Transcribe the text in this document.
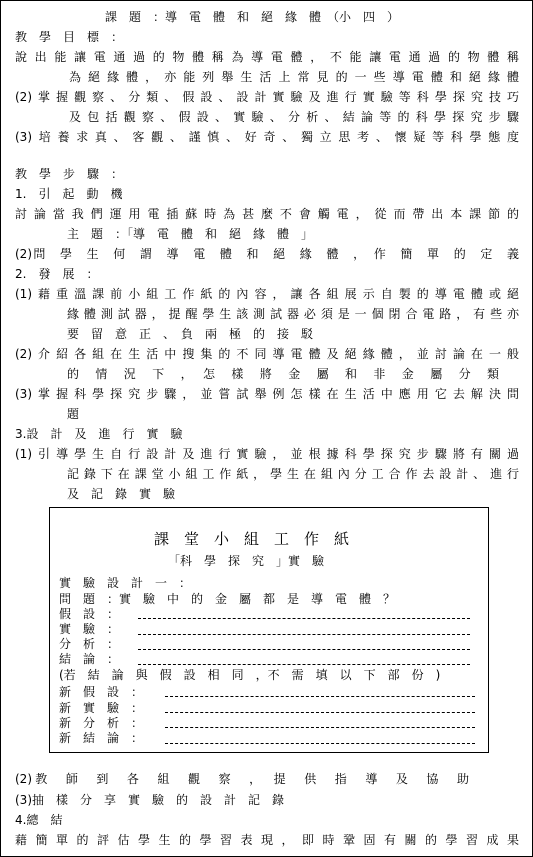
課　題　：導　電　體　和　絕　緣　體　（小　四　）
教　學　目　標　：
說出能讓電通過的物體稱為導電體，不能讓電通過的物體稱
為絕緣體，亦能列舉生活上常見的一些導電體和絕緣體
(2)掌握觀察、分類、假設、設計實驗及進行實驗等科學探究技巧
及包括觀察、假設、實驗、分析、結論等的科學探究步驟
(3)培養求真、客觀、謹慎、好奇、獨立思考、懷疑等科學態度
教　學　步　驟　：
1.　引　起　動　機
討論當我們運用電插蘇時為甚麼不會觸電，從而帶出本課節的
主　題　：「導　電　體　和　絕　緣　體　」
(2)問　學　生　何　謂　導　電　體　和　絕　緣　體　，　作　簡　單　的　定　義
2.　發　展　：
(1)藉重溫課前小組工作紙的內容，讓各組展示自製的導電體或絕
緣體測試器，提醒學生該測試器必須是一個閉合電路，有些亦
要　留　意　正　、　負　兩　極　的　接　駁
(2)介紹各組在生活中搜集的不同導電體及絕緣體，並討論在一般
的　情　況　下　，　怎　樣　將　金　屬　和　非　金　屬　分　類
(3)掌握科學探究步驟，並嘗試舉例怎樣在生活中應用它去解決問
題
3.設　計　及　進　行　實　驗
(1)引導學生自行設計及進行實驗，並根據科學探究步驟將有關過
記錄下在課堂小組工作紙，學生在組內分工合作去設計、進行
及　記　錄　實　驗
課　堂　小　組　工　作　紙
「科　學　探　究　」實　驗
實　驗　設　計　一　：
問　題　：實　驗　中　的　金　屬　都　是　導　電　體　？
假　設　：
實　驗　：
分　析　：
結　論　：
(若　結　論　與　假　設　相　同　，不　需　填　以　下　部　份　)
新　假　設　：
新　實　驗　：
新　分　析　：
新　結　論　：
(2)教　師　到　各　組　觀　察　，　提　供　指　導　及　協　助
(3)抽　樣　分　享　實　驗　的　設　計　記　錄
4.總　結
藉簡單的評估學生的學習表現，即時鞏固有關的學習成果
